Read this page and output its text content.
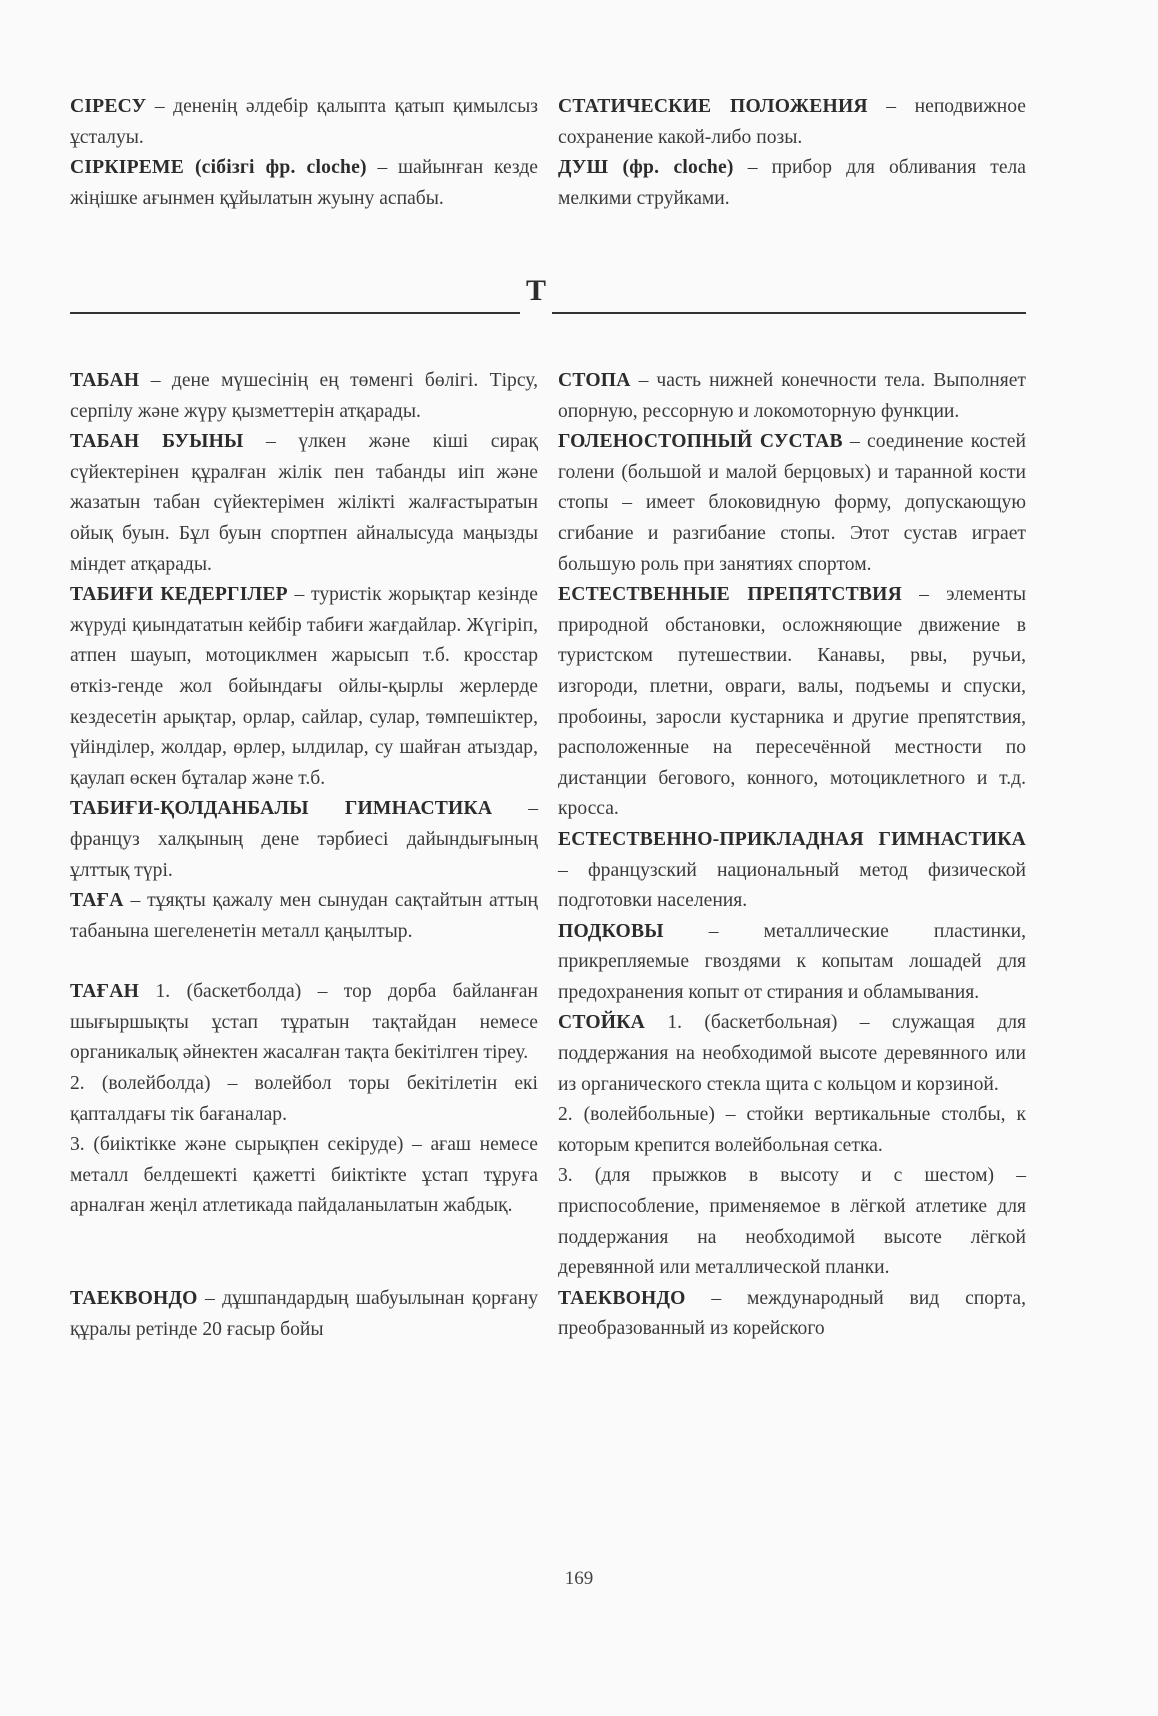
СІРЕСУ – дененің әлдебір қалыпта қатып қимылсыз ұсталуы.

СІРКІРЕМЕ (сібізгі фр. cloche) – шайынған кезде жіңішке ағынмен құйылатын жуыну аспабы.

СТАТИЧЕСКИЕ ПОЛОЖЕНИЯ – неподвижное сохранение какой-либо позы.

ДУШ (фр. cloche) – прибор для обливания тела мелкими струйками.

Т

ТАБАН – дене мүшесінің ең төменгі бөлігі. Тірсу, серпілу және жүру қызметтерін атқарады.

ТАБАН БУЫНЫ – үлкен және кіші сирақ сүйектерінен құралған жілік пен табанды иіп және жазатын табан сүйектерімен жілікті жалғастыратын ойық буын. Бұл буын спортпен айналысуда маңызды міндет атқарады.

ТАБИҒИ КЕДЕРГІЛЕР – туристік жорықтар кезінде жүруді қиындататын кейбір табиғи жағдайлар. Жүгіріп, атпен шауып, мотоциклмен жарысып т.б. кросстар өткіз-генде жол бойындағы ойлы-қырлы жерлерде кездесетін арықтар, орлар, сайлар, сулар, төмпешіктер, үйінділер, жолдар, өрлер, ылдилар, су шайған атыздар, қаулап өскен бұталар және т.б.

ТАБИҒИ-ҚОЛДАНБАЛЫ ГИМНАСТИКА – француз халқының дене тәрбиесі дайындығының ұлттық түрі.

ТАҒА – тұяқты қажалу мен сынудан сақтайтын аттың табанына шегеленетін металл қаңылтыр.

ТАҒАН 1. (баскетболда) – тор дорба байланған шығыршықты ұстап тұратын тақтайдан немесе органикалық әйнектен жасалған тақта бекітілген тіреу.

2. (волейболда) – волейбол торы бекітілетін екі қапталдағы тік бағаналар.

3. (биіктікке және сырықпен секіруде) – ағаш немесе металл белдешекті қажетті биіктікте ұстап тұруға арналған жеңіл атлетикада пайдаланылатын жабдық.

ТАЕКВОНДО – дұшпандардың шабуылынан қорғану құралы ретінде 20 ғасыр бойы

СТОПА – часть нижней конечности тела. Выполняет опорную, рессорную и локомоторную функции.

ГОЛЕНОСТОПНЫЙ СУСТАВ – соединение костей голени (большой и малой берцовых) и таранной кости стопы – имеет блоковидную форму, допускающую сгибание и разгибание стопы. Этот сустав играет большую роль при занятиях спортом.

ЕСТЕСТВЕННЫЕ ПРЕПЯТСТВИЯ – элементы природной обстановки, осложняющие движение в туристском путешествии. Канавы, рвы, ручьи, изгороди, плетни, овраги, валы, подъемы и спуски, пробоины, заросли кустарника и другие препятствия, расположенные на пересечённой местности по дистанции бегового, конного, мотоциклетного и т.д. кросса.

ЕСТЕСТВЕННО-ПРИКЛАДНАЯ ГИМНАСТИКА – французский национальный метод физической подготовки населения.

ПОДКОВЫ – металлические пластинки, прикрепляемые гвоздями к копытам лошадей для предохранения копыт от стирания и обламывания.

СТОЙКА 1. (баскетбольная) – служащая для поддержания на необходимой высоте деревянного или из органического стекла щита с кольцом и корзиной.

2. (волейбольные) – стойки вертикальные столбы, к которым крепится волейбольная сетка.

3. (для прыжков в высоту и с шестом) – приспособление, применяемое в лёгкой атлетике для поддержания на необходимой высоте лёгкой деревянной или металлической планки.

ТАЕКВОНДО – международный вид спорта, преобразованный из корейского

169
